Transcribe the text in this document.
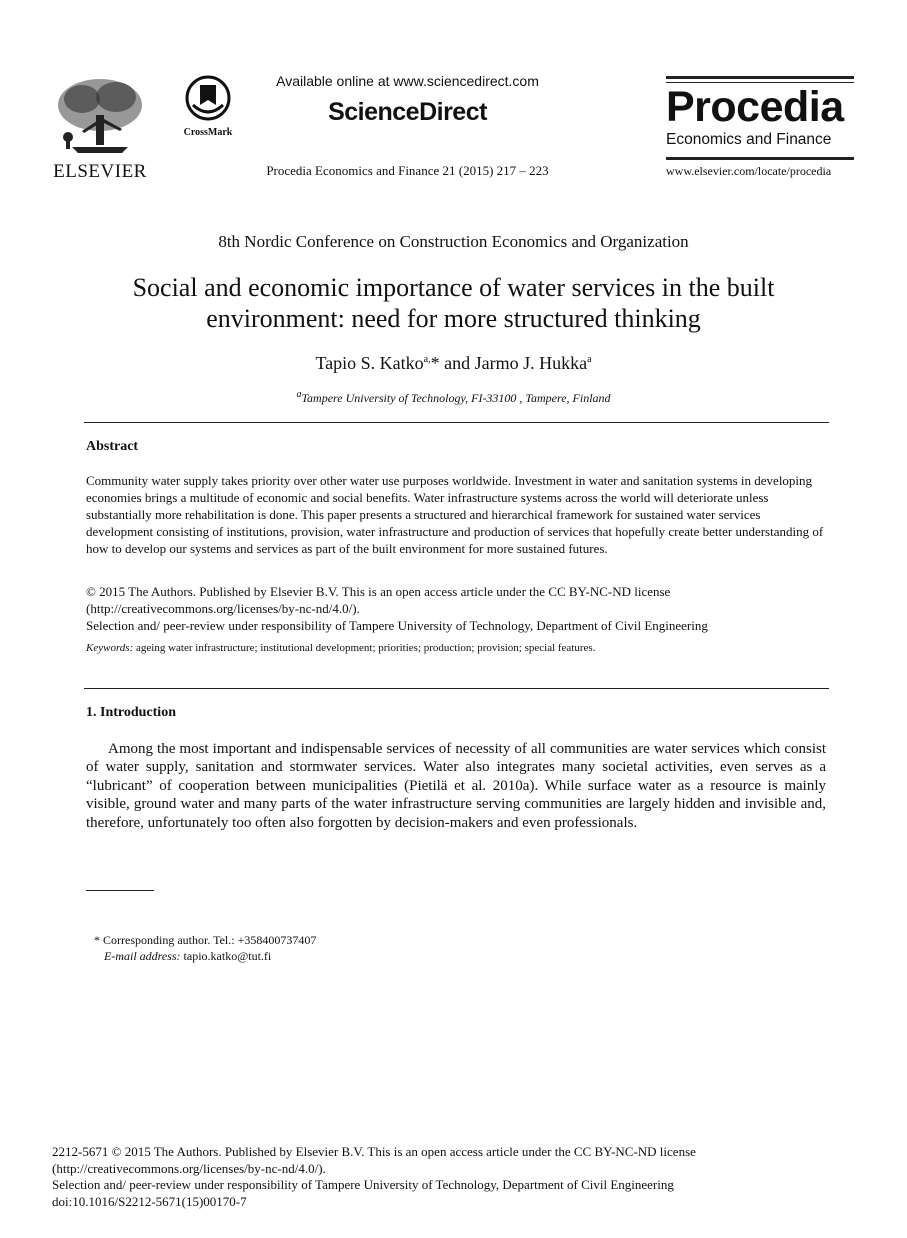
ELSEVIER
CrossMark
Available online at www.sciencedirect.com
ScienceDirect
Procedia Economics and Finance 21 (2015) 217 – 223
Procedia
Economics and Finance
www.elsevier.com/locate/procedia
8th Nordic Conference on Construction Economics and Organization
Social and economic importance of water services in the built
environment: need for more structured thinking
Tapio S. Katko$^{a,}$* and Jarmo J. Hukka$^a$
$^a$Tampere University of Technology, FI-33100 , Tampere, Finland
Abstract
Community water supply takes priority over other water use purposes worldwide. Investment in water and sanitation systems in developing economies brings a multitude of economic and social benefits. Water infrastructure systems across the world will deteriorate unless substantially more rehabilitation is done. This paper presents a structured and hierarchical framework for sustained water services development consisting of institutions, provision, water infrastructure and production of services that hopefully create better understanding of how to develop our systems and services as part of the built environment for more sustained futures.
© 2015 The Authors. Published by Elsevier B.V. This is an open access article under the CC BY-NC-ND license
(http://creativecommons.org/licenses/by-nc-nd/4.0/).
Selection and/ peer-review under responsibility of Tampere University of Technology, Department of Civil Engineering
Keywords: ageing water infrastructure; institutional development; priorities; production; provision; special features.
1. Introduction
Among the most important and indispensable services of necessity of all communities are water services which consist of water supply, sanitation and stormwater services. Water also integrates many societal activities, even serves as a “lubricant” of cooperation between municipalities (Pietilä et al. 2010a). While surface water as a resource is mainly visible, ground water and many parts of the water infrastructure serving communities are largely hidden and invisible and, therefore, unfortunately too often also forgotten by decision-makers and even professionals.
* Corresponding author. Tel.: +358400737407
E-mail address: tapio.katko@tut.fi
2212-5671 © 2015 The Authors. Published by Elsevier B.V. This is an open access article under the CC BY-NC-ND license
(http://creativecommons.org/licenses/by-nc-nd/4.0/).
Selection and/ peer-review under responsibility of Tampere University of Technology, Department of Civil Engineering
doi:10.1016/S2212-5671(15)00170-7
